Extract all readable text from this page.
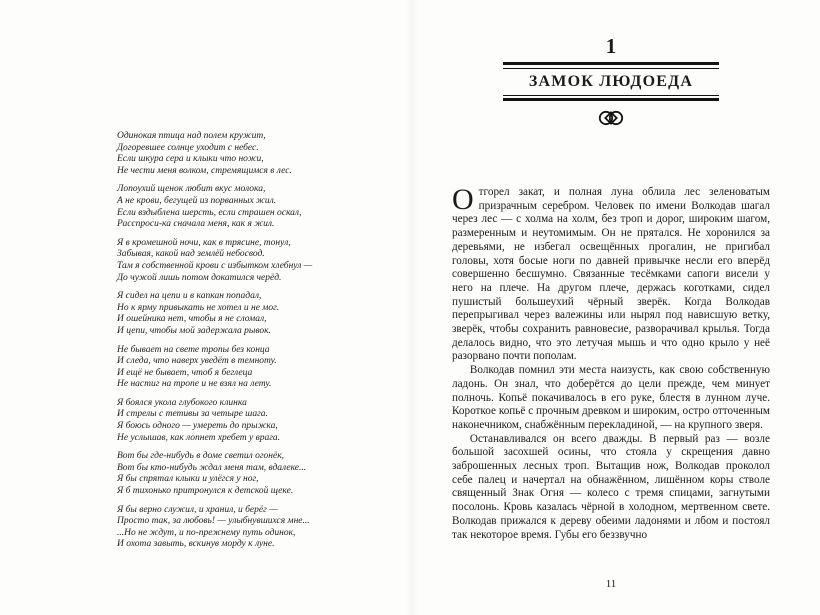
Одинокая птица над полем кружит,
Догоревшее солнце уходит с небес.
Если шкура сера и клыки что ножи,
Не чести меня волком, стремящимся в лес.
Лопоухий щенок любит вкус молока,
А не крови, бегущей из порванных жил.
Если вздыблена шерсть, если страшен оскал,
Расспроси-ка сначала меня, как я жил.
Я в кромешной ночи, как в трясине, тонул,
Забывая, какой над землёй небосвод.
Там я собственной крови с избытком хлебнул —
До чужой лишь потом докатился черёд.
Я сидел на цепи и в капкан попадал,
Но к ярму привыкать не хотел и не мог.
И ошейника нет, чтобы я не сломал,
И цепи, чтобы мой задержала рывок.
Не бывает на свете тропы без конца
И следа, что наверх уведёт в темноту.
И ещё не бывает, чтоб я беглеца
Не настиг на тропе и не взял на лету.
Я боялся укола глубокого клинка
И стрелы с тетивы за четыре шага.
Я боюсь одного — умереть до прыжка,
Не услышав, как лопнет хребет у врага.
Вот бы где-нибудь в доме светил огонёк,
Вот бы кто-нибудь ждал меня там, вдалеке...
Я бы спрятал клыки и улёгся у ног,
Я б тихонько притронулся к детской щеке.
Я бы верно служил, и хранил, и берёг —
Просто так, за любовь! — улыбнувшихся мне...
...Но не ждут, и по-прежнему путь одинок,
И охота завыть, вскинув морду к луне.
1
ЗАМОК ЛЮДОЕДА

Отгорел закат, и полная луна облила лес зеленоватым призрачным серебром. Человек по имени Волкодав шагал через лес — с холма на холм, без троп и дорог, широким шагом, размеренным и неутомимым. Он не прятался. Не хоронился за деревьями, не избегал освещённых прогалин, не пригибал головы, хотя босые ноги по давней привычке несли его вперёд совершенно бесшумно. Связанные тесёмками сапоги висели у него на плече. На другом плече, держась коготками, сидел пушистый большеухий чёрный зверёк. Когда Волкодав перепрыгивал через валежины или нырял под нависшую ветку, зверёк, чтобы сохранить равновесие, разворачивал крылья. Тогда делалось видно, что это летучая мышь и что одно крыло у неё разорвано почти пополам.

Волкодав помнил эти места наизусть, как свою собственную ладонь. Он знал, что доберётся до цели прежде, чем минует полночь. Копьё покачивалось в его руке, блестя в лунном луче. Короткое копьё с прочным древком и широким, остро отточенным наконечником, снабжённым перекладиной, — на крупного зверя.

Останавливался он всего дважды. В первый раз — возле большой засохшей осины, что стояла у скрещения давно заброшенных лесных троп. Вытащив нож, Волкодав проколол себе палец и начертал на обнажённом, лишённом коры стволе священный Знак Огня — колесо с тремя спицами, загнутыми посолонь. Кровь казалась чёрной в холодном, мертвенном свете. Волкодав прижался к дереву обеими ладонями и лбом и постоял так некоторое время. Губы его беззвучно

11
